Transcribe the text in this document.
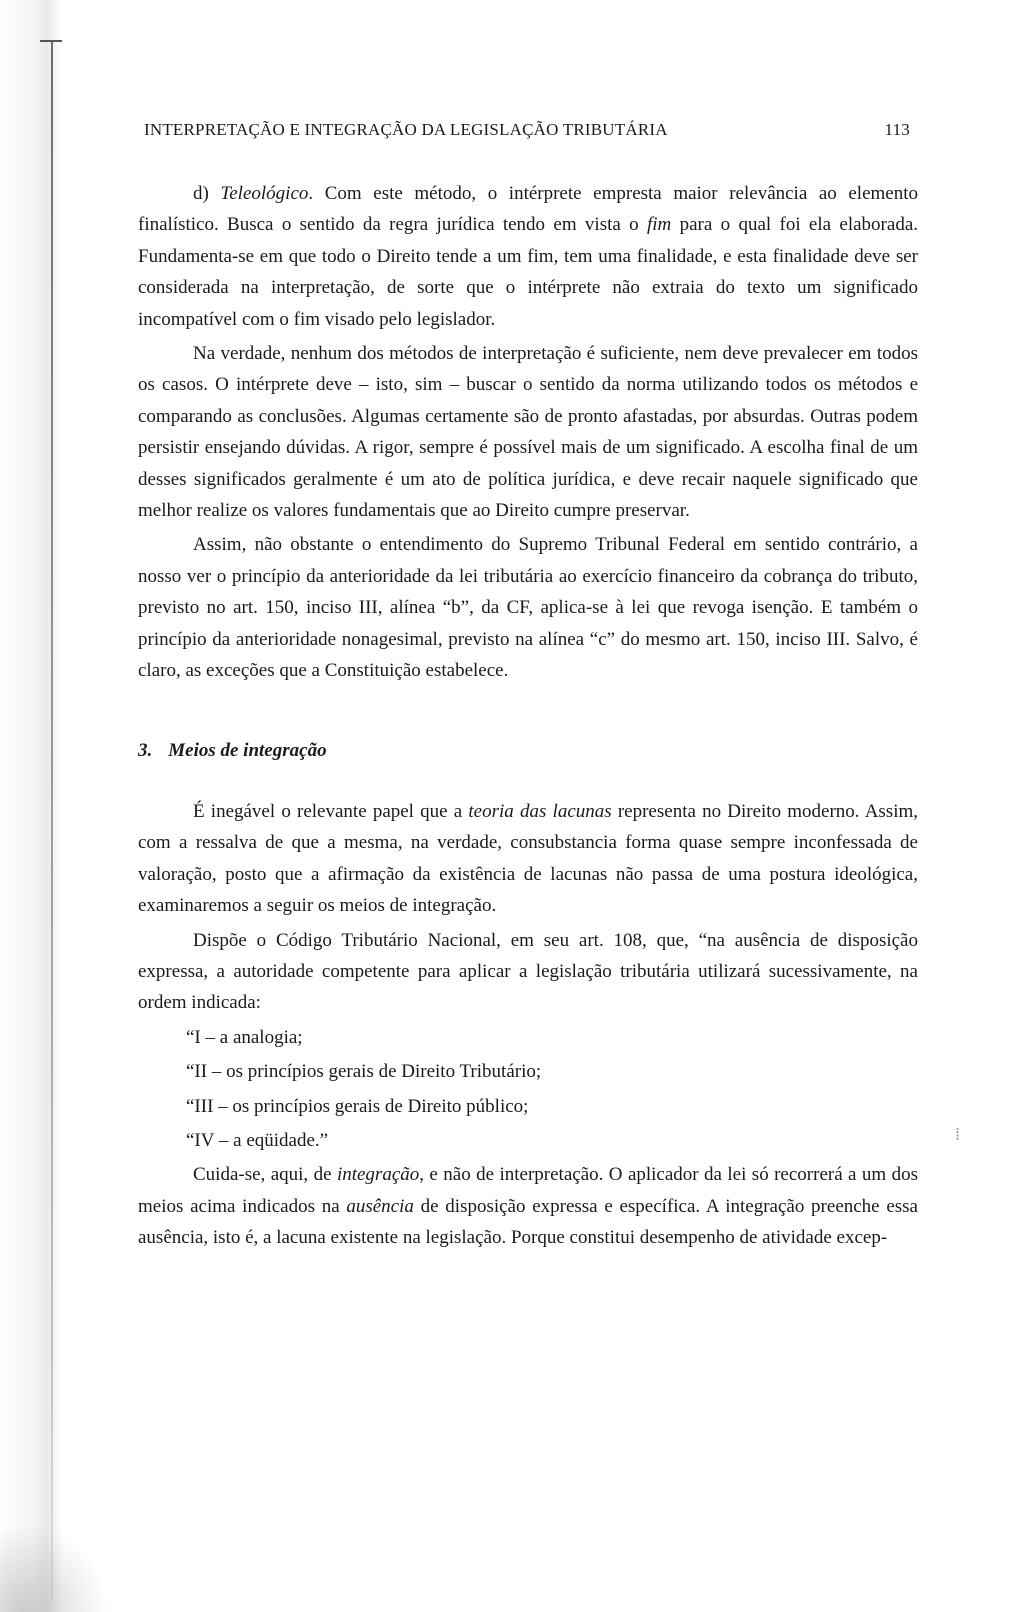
⁞
INTERPRETAÇÃO E INTEGRAÇÃO DA LEGISLAÇÃO TRIBUTÁRIA	113

d) Teleológico. Com este método, o intérprete empresta maior relevância ao elemento finalístico. Busca o sentido da regra jurídica tendo em vista o fim para o qual foi ela elaborada. Fundamenta-se em que todo o Direito tende a um fim, tem uma finalidade, e esta finalidade deve ser considerada na interpretação, de sorte que o intérprete não extraia do texto um significado incompatível com o fim visado pelo legislador.

Na verdade, nenhum dos métodos de interpretação é suficiente, nem deve prevalecer em todos os casos. O intérprete deve – isto, sim – buscar o sentido da norma utilizando todos os métodos e comparando as conclusões. Algumas certamente são de pronto afastadas, por absurdas. Outras podem persistir ensejando dúvidas. A rigor, sempre é possível mais de um significado. A escolha final de um desses significados geralmente é um ato de política jurídica, e deve recair naquele significado que melhor realize os valores fundamentais que ao Direito cumpre preservar.

Assim, não obstante o entendimento do Supremo Tribunal Federal em sentido contrário, a nosso ver o princípio da anterioridade da lei tributária ao exercício financeiro da cobrança do tributo, previsto no art. 150, inciso III, alínea “b”, da CF, aplica-se à lei que revoga isenção. E também o princípio da anterioridade nonagesimal, previsto na alínea “c” do mesmo art. 150, inciso III. Salvo, é claro, as exceções que a Constituição estabelece.

3. Meios de integração

É inegável o relevante papel que a teoria das lacunas representa no Direito moderno. Assim, com a ressalva de que a mesma, na verdade, consubstancia forma quase sempre inconfessada de valoração, posto que a afirmação da existência de lacunas não passa de uma postura ideológica, examinaremos a seguir os meios de integração.

Dispõe o Código Tributário Nacional, em seu art. 108, que, “na ausência de disposição expressa, a autoridade competente para aplicar a legislação tributária utilizará sucessivamente, na ordem indicada:

“I – a analogia;

“II – os princípios gerais de Direito Tributário;

“III – os princípios gerais de Direito público;

“IV – a eqüidade.”

Cuida-se, aqui, de integração, e não de interpretação. O aplicador da lei só recorrerá a um dos meios acima indicados na ausência de disposição expressa e específica. A integração preenche essa ausência, isto é, a lacuna existente na legislação. Porque constitui desempenho de atividade excep-
